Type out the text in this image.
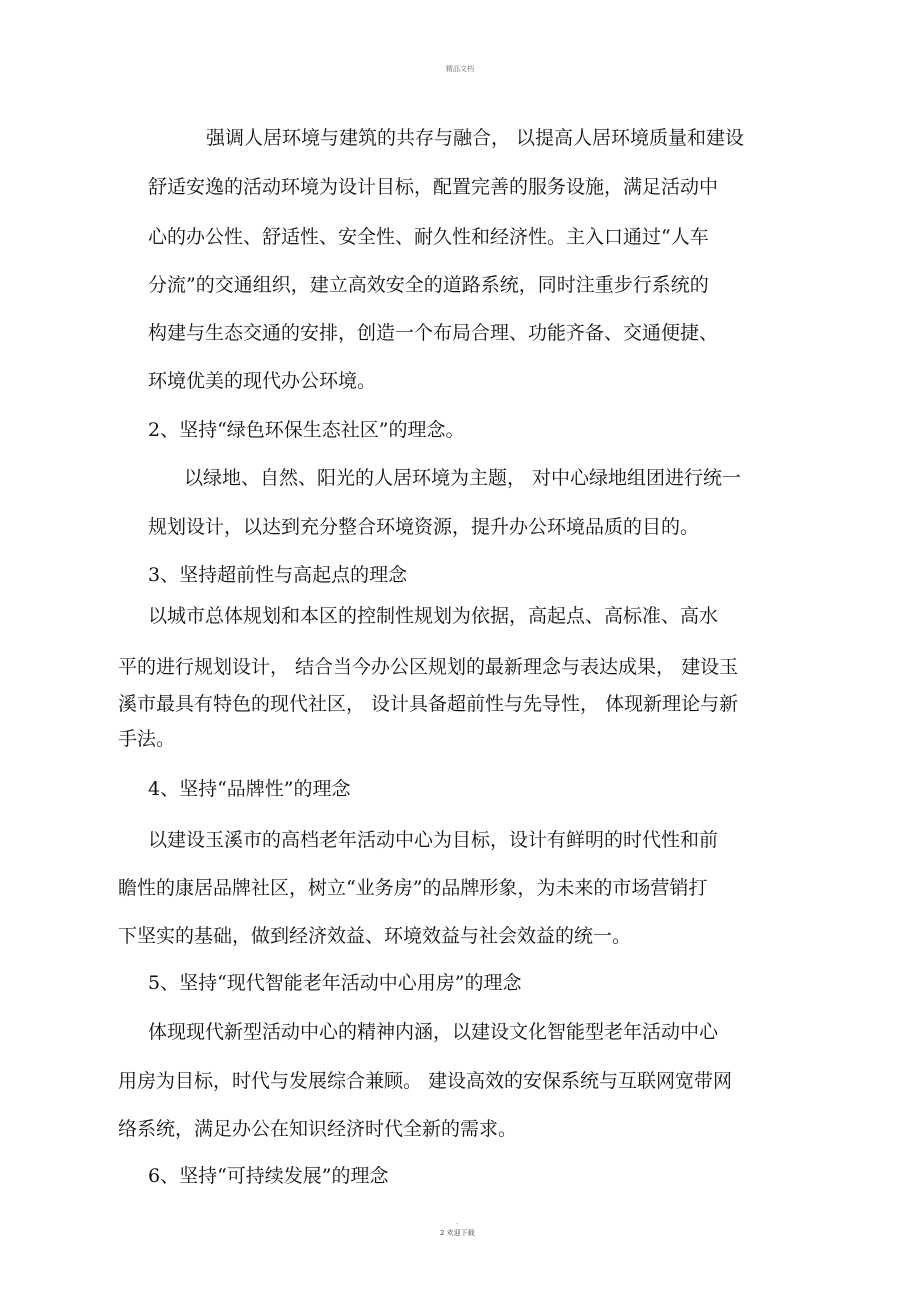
精品文档
强调人居环境与建筑的共存与融合， 以提高人居环境质量和建设
舒适安逸的活动环境为设计目标，配置完善的服务设施，满足活动中
心的办公性、舒适性、安全性、耐久性和经济性。主入口通过“人车
分流”的交通组织，建立高效安全的道路系统，同时注重步行系统的
构建与生态交通的安排，创造一个布局合理、功能齐备、交通便捷、
环境优美的现代办公环境。
2、坚持“绿色环保生态社区”的理念。
以绿地、自然、阳光的人居环境为主题， 对中心绿地组团进行统一
规划设计，以达到充分整合环境资源，提升办公环境品质的目的。
3、坚持超前性与高起点的理念
以城市总体规划和本区的控制性规划为依据，高起点、高标准、高水
平的进行规划设计， 结合当今办公区规划的最新理念与表达成果， 建设玉
溪市最具有特色的现代社区， 设计具备超前性与先导性， 体现新理论与新
手法。
4、坚持“品牌性”的理念
以建设玉溪市的高档老年活动中心为目标，设计有鲜明的时代性和前
瞻性的康居品牌社区，树立“业务房”的品牌形象，为未来的市场营销打
下坚实的基础，做到经济效益、环境效益与社会效益的统一。
5、坚持“现代智能老年活动中心用房”的理念
体现现代新型活动中心的精神内涵，以建设文化智能型老年活动中心
用房为目标，时代与发展综合兼顾。 建设高效的安保系统与互联网宽带网
络系统，满足办公在知识经济时代全新的需求。
6、坚持“可持续发展”的理念
.
2 欢迎下载
